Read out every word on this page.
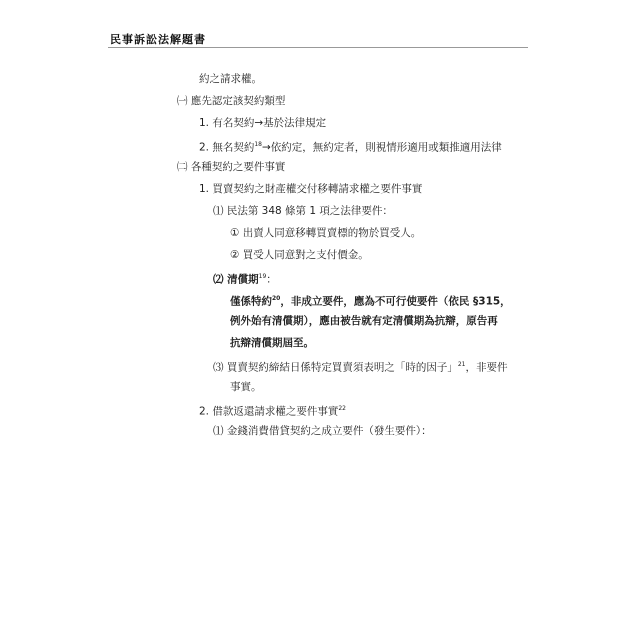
民事訴訟法解題書
約之請求權。
㈠ 應先認定該契約類型
1. 有名契約→基於法律規定
2. 無名契約$^{18}$→依約定，無約定者，則視情形適用或類推適用法律
㈡ 各種契約之要件事實
1. 買賣契約之財產權交付移轉請求權之要件事實
⑴ 民法第 348 條第 1 項之法律要件：
① 出賣人同意移轉買賣標的物於買受人。
② 買受人同意對之支付價金。
⑵ 清償期$^{19}$：
僅係特約$^{20}$，非成立要件，應為不可行使要件（依民 §315，
例外始有清償期），應由被告就有定清償期為抗辯，原告再
抗辯清償期屆至。
⑶ 買賣契約締結日係特定買賣須表明之「時的因子」$^{21}$，非要件
事實。
2. 借款返還請求權之要件事實$^{22}$
⑴ 金錢消費借貸契約之成立要件（發生要件）：
